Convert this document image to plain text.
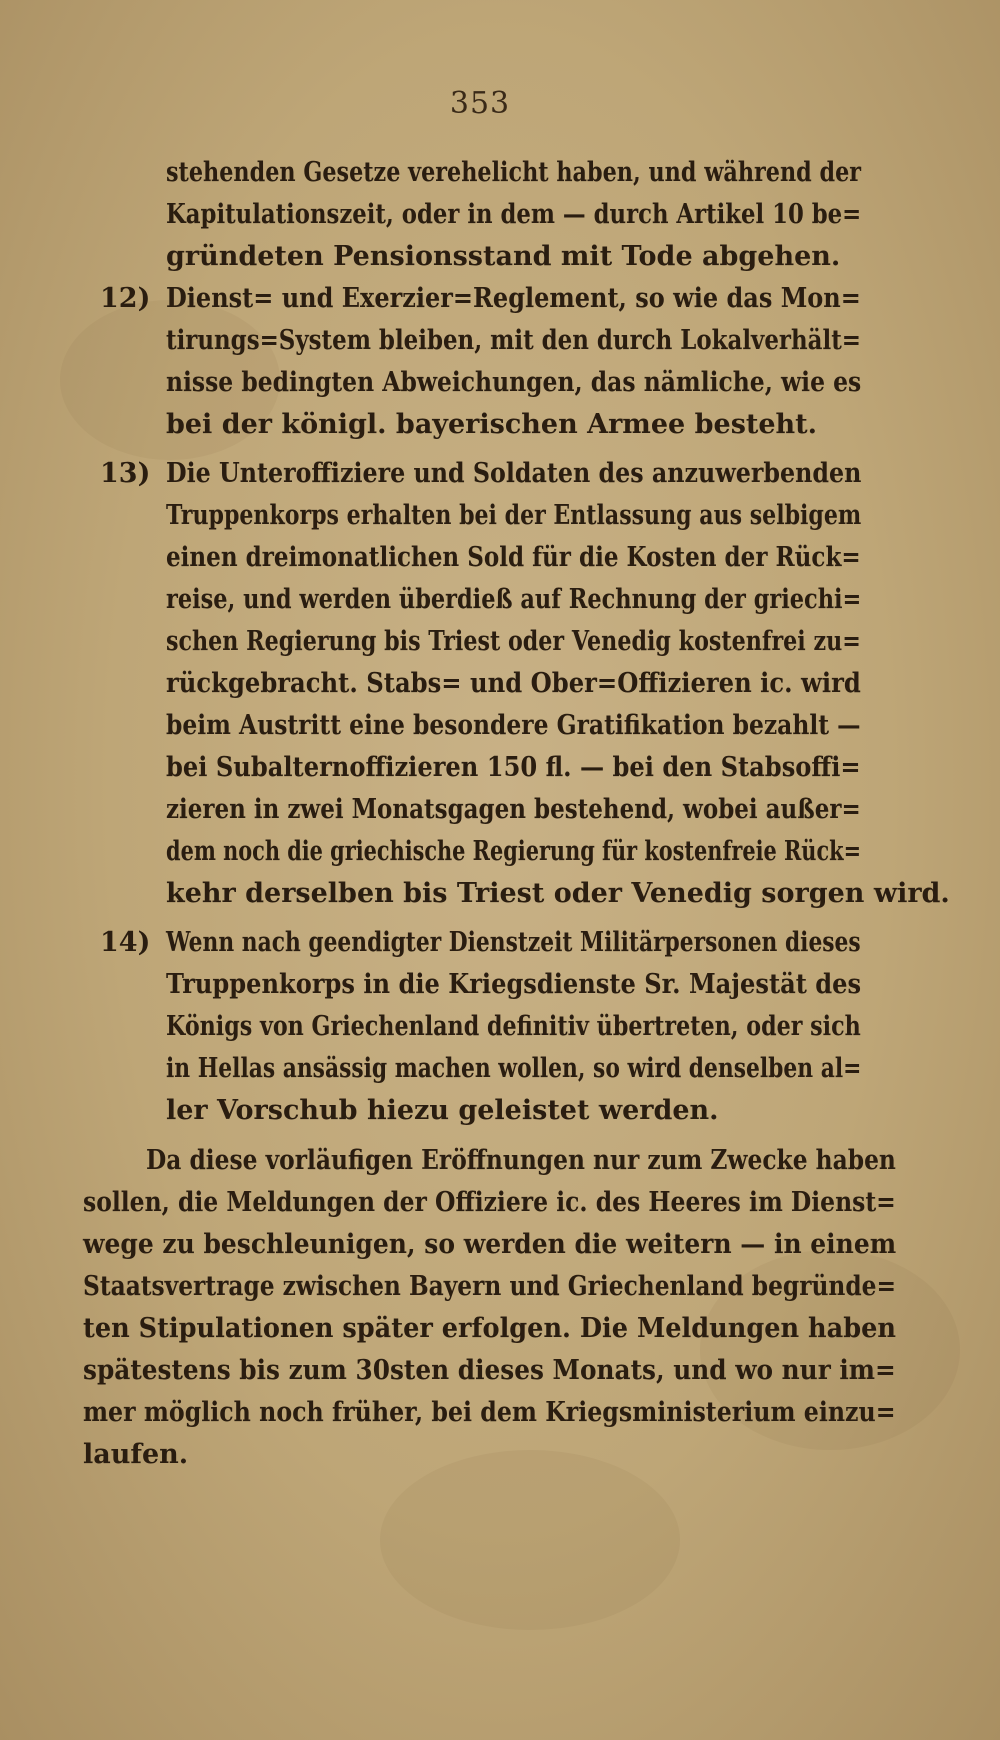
353

stehenden Gesetze verehelicht haben, und während der

Kapitulationszeit, oder in dem — durch Artikel 10 be=

gründeten Pensionsstand mit Tode abgehen.

12) Dienst= und Exerzier=Reglement, so wie das Mon=

tirungs=System bleiben, mit den durch Lokalverhält=

nisse bedingten Abweichungen, das nämliche, wie es

bei der königl. bayerischen Armee besteht.

13) Die Unteroffiziere und Soldaten des anzuwerbenden

Truppenkorps erhalten bei der Entlassung aus selbigem

einen dreimonatlichen Sold für die Kosten der Rück=

reise, und werden überdieß auf Rechnung der griechi=

schen Regierung bis Triest oder Venedig kostenfrei zu=

rückgebracht. Stabs= und Ober=Offizieren ic. wird

beim Austritt eine besondere Gratifikation bezahlt —

bei Subalternoffizieren 150 fl. — bei den Stabsoffi=

zieren in zwei Monatsgagen bestehend, wobei außer=

dem noch die griechische Regierung für kostenfreie Rück=

kehr derselben bis Triest oder Venedig sorgen wird.

14) Wenn nach geendigter Dienstzeit Militärpersonen dieses

Truppenkorps in die Kriegsdienste Sr. Majestät des

Königs von Griechenland definitiv übertreten, oder sich

in Hellas ansässig machen wollen, so wird denselben al=

ler Vorschub hiezu geleistet werden.

Da diese vorläufigen Eröffnungen nur zum Zwecke haben

sollen, die Meldungen der Offiziere ic. des Heeres im Dienst=

wege zu beschleunigen, so werden die weitern — in einem

Staatsvertrage zwischen Bayern und Griechenland begründe=

ten Stipulationen später erfolgen. Die Meldungen haben

spätestens bis zum 30sten dieses Monats, und wo nur im=

mer möglich noch früher, bei dem Kriegsministerium einzu=

laufen.
